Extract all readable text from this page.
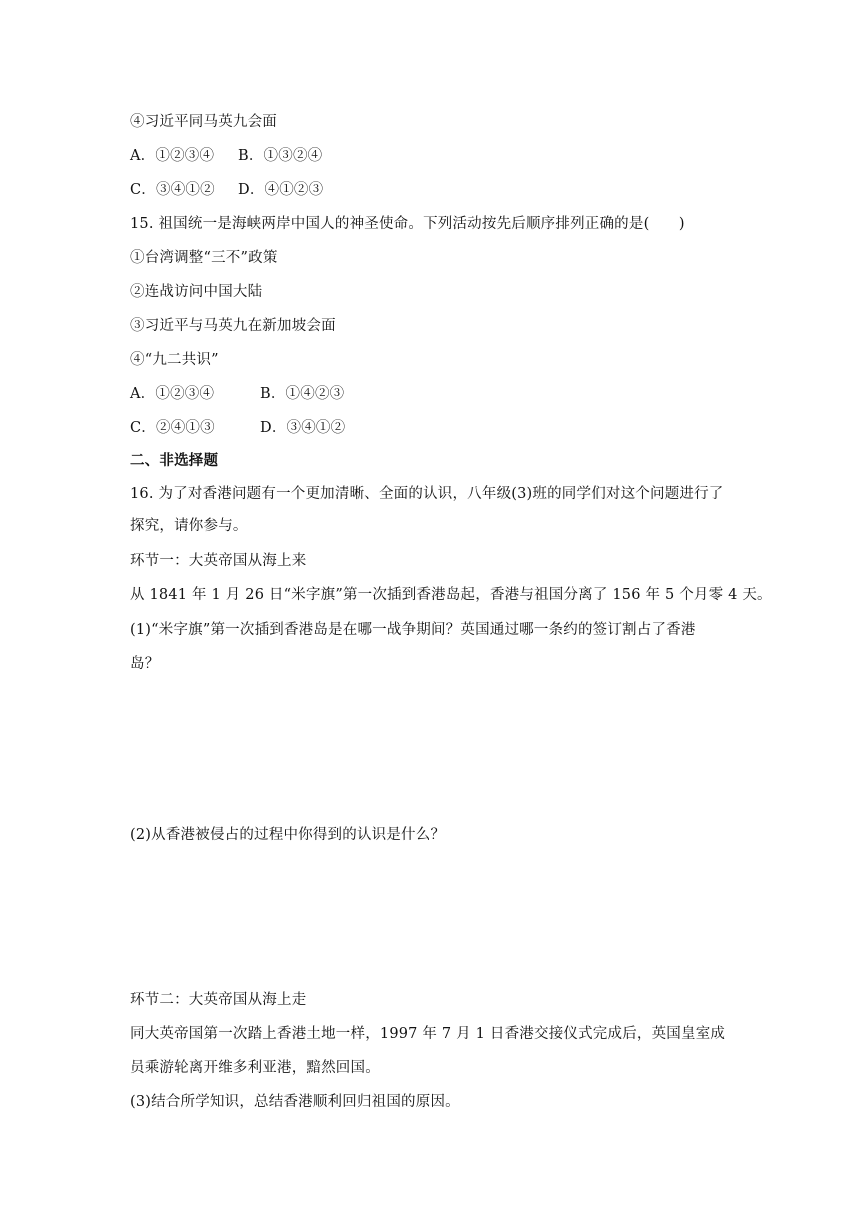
④习近平同马英九会面
A．①②③④ B．①③②④
C．③④①② D．④①②③
15. 祖国统一是海峡两岸中国人的神圣使命。下列活动按先后顺序排列正确的是(　　)
①台湾调整“三不”政策
②连战访问中国大陆
③习近平与马英九在新加坡会面
④“九二共识”
A．①②③④	B．①④②③
C．②④①③	D．③④①②
二、非选择题
16. 为了对香港问题有一个更加清晰、全面的认识，八年级(3)班的同学们对这个问题进行了
探究，请你参与。
环节一：大英帝国从海上来
从 1841 年 1 月 26 日“米字旗”第一次插到香港岛起，香港与祖国分离了 156 年 5 个月零 4 天。
(1)“米字旗”第一次插到香港岛是在哪一战争期间？英国通过哪一条约的签订割占了香港
岛？
(2)从香港被侵占的过程中你得到的认识是什么？
环节二：大英帝国从海上走
同大英帝国第一次踏上香港土地一样，1997 年 7 月 1 日香港交接仪式完成后，英国皇室成
员乘游轮离开维多利亚港，黯然回国。
(3)结合所学知识，总结香港顺利回归祖国的原因。
